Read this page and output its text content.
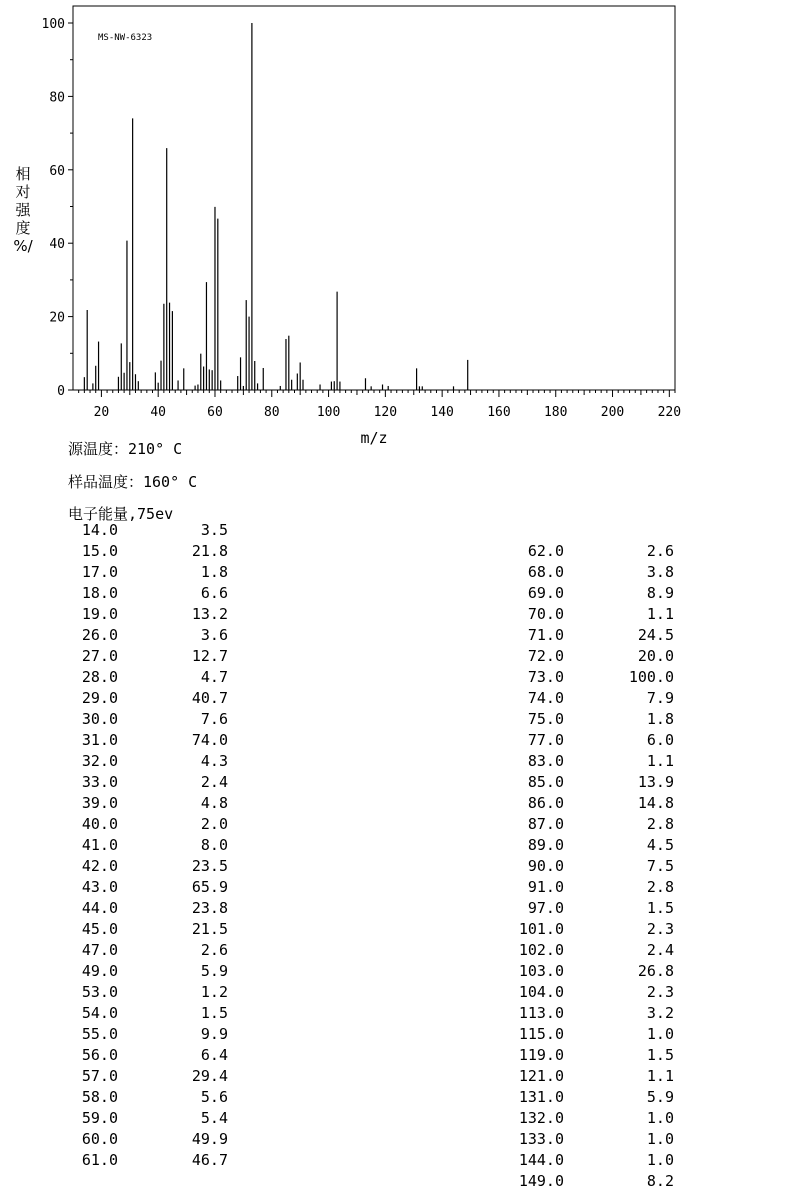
MS-NW-6323
m/z
相
对
强
度
%/
0
20
40
60
80
100
20	40	60	80	100	120	140	160	180	200	220
源温度：210° C
样品温度：160° C
电子能量,75ev
14.0	3.5
15.0	21.8
17.0	1.8
18.0	6.6
19.0	13.2
26.0	3.6
27.0	12.7
28.0	4.7
29.0	40.7
30.0	7.6
31.0	74.0
32.0	4.3
33.0	2.4
39.0	4.8
40.0	2.0
41.0	8.0
42.0	23.5
43.0	65.9
44.0	23.8
45.0	21.5
47.0	2.6
49.0	5.9
53.0	1.2
54.0	1.5
55.0	9.9
56.0	6.4
57.0	29.4
58.0	5.6
59.0	5.4
60.0	49.9
61.0	46.7
62.0	2.6
68.0	3.8
69.0	8.9
70.0	1.1
71.0	24.5
72.0	20.0
73.0	100.0
74.0	7.9
75.0	1.8
77.0	6.0
83.0	1.1
85.0	13.9
86.0	14.8
87.0	2.8
89.0	4.5
90.0	7.5
91.0	2.8
97.0	1.5
101.0	2.3
102.0	2.4
103.0	26.8
104.0	2.3
113.0	3.2
115.0	1.0
119.0	1.5
121.0	1.1
131.0	5.9
132.0	1.0
133.0	1.0
144.0	1.0
149.0	8.2
